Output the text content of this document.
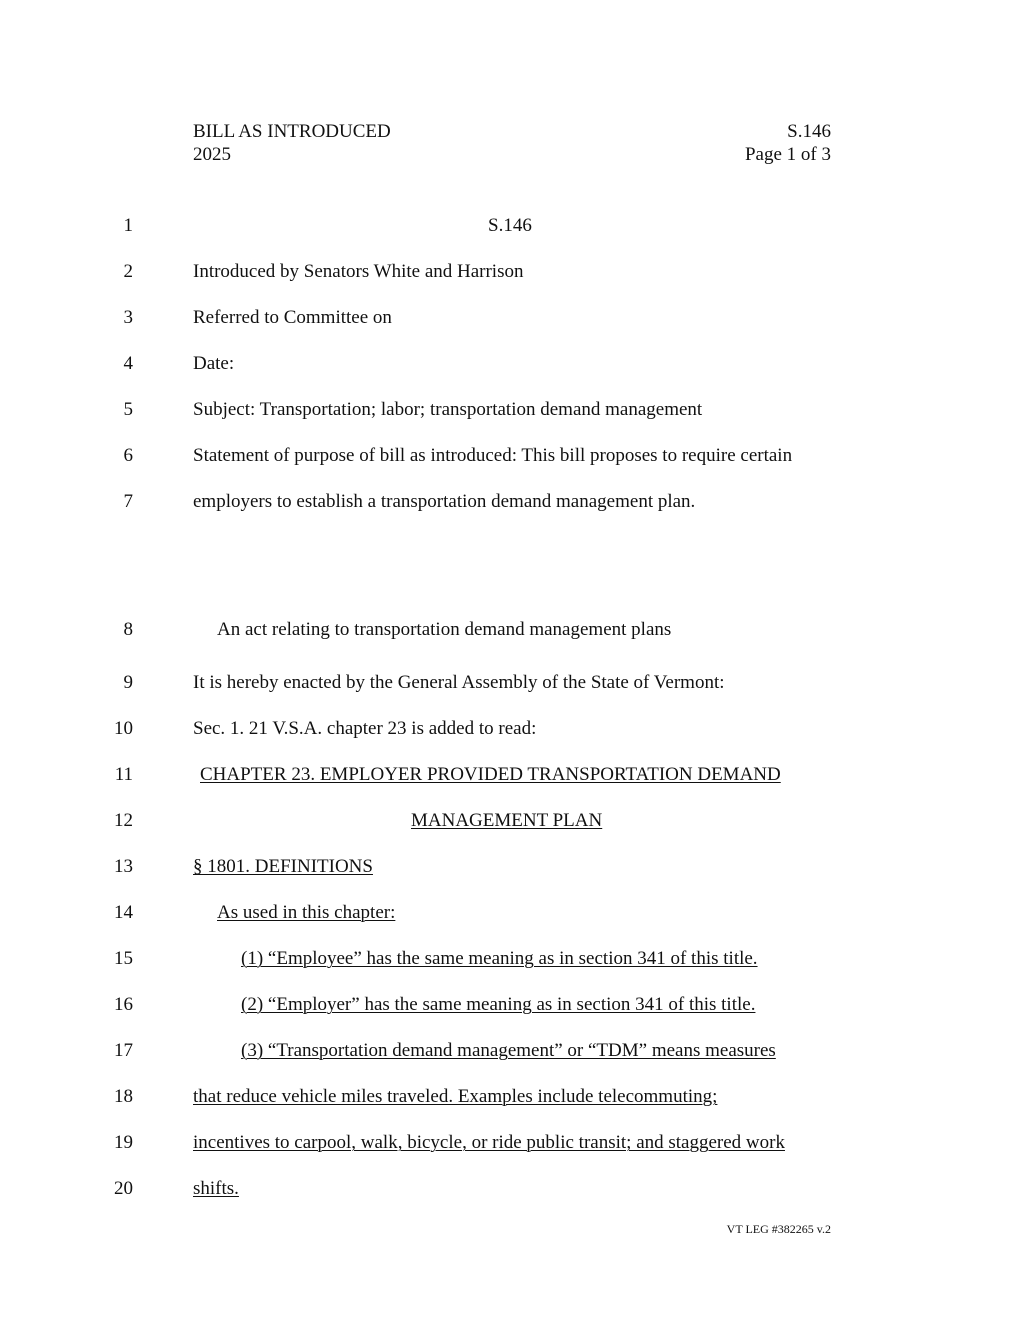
BILL AS INTRODUCED
2025
S.146
Page 1 of 3
1	S.146
2	Introduced by Senators White and Harrison
3	Referred to Committee on
4	Date:
5	Subject: Transportation; labor; transportation demand management
6	Statement of purpose of bill as introduced: This bill proposes to require certain
7	employers to establish a transportation demand management plan.
8	An act relating to transportation demand management plans
9	It is hereby enacted by the General Assembly of the State of Vermont:
10	Sec. 1. 21 V.S.A. chapter 23 is added to read:
11	CHAPTER 23. EMPLOYER PROVIDED TRANSPORTATION DEMAND
12	MANAGEMENT PLAN
13	§ 1801. DEFINITIONS
14	As used in this chapter:
15	(1) “Employee” has the same meaning as in section 341 of this title.
16	(2) “Employer” has the same meaning as in section 341 of this title.
17	(3) “Transportation demand management” or “TDM” means measures
18	that reduce vehicle miles traveled. Examples include telecommuting;
19	incentives to carpool, walk, bicycle, or ride public transit; and staggered work
20	shifts.
VT LEG #382265 v.2
